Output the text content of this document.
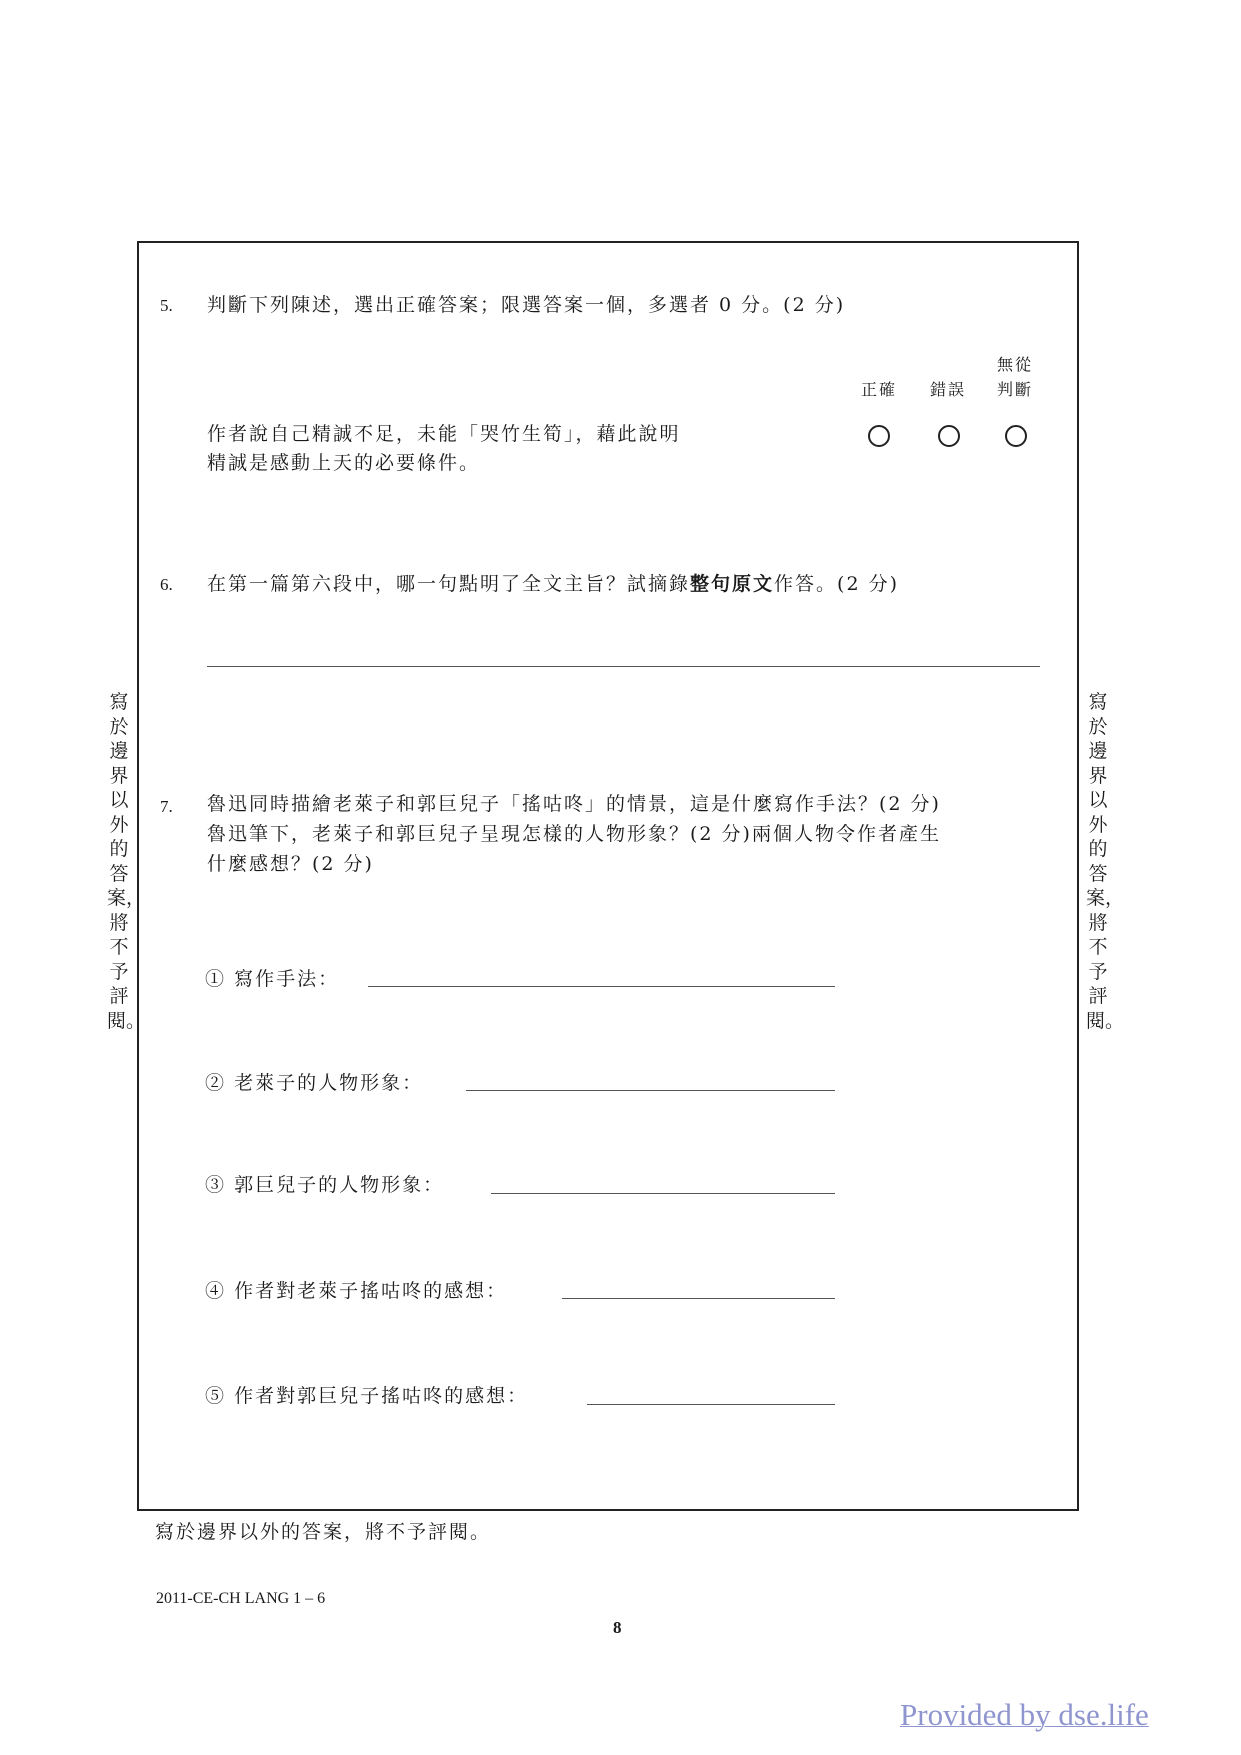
5. 判斷下列陳述，選出正確答案；限選答案一個，多選者 0 分。(2 分)
無從
判斷
正確	錯誤
作者說自己精誠不足，未能「哭竹生筍」，藉此說明
精誠是感動上天的必要條件。
6. 在第一篇第六段中，哪一句點明了全文主旨？試摘錄整句原文作答。(2 分)
7. 魯迅同時描繪老萊子和郭巨兒子「搖咕咚」的情景，這是什麼寫作手法？(2 分)
魯迅筆下，老萊子和郭巨兒子呈現怎樣的人物形象？(2 分)兩個人物令作者產生
什麼感想？(2 分)
① 寫作手法：
② 老萊子的人物形象：
③ 郭巨兒子的人物形象：
④ 作者對老萊子搖咕咚的感想：
⑤ 作者對郭巨兒子搖咕咚的感想：
寫於邊界以外的答案，將不予評閱。
寫於邊界以外的答案，將不予評閱。
寫於邊界以外的答案，將不予評閱。
2011-CE-CH LANG 1 – 6
8
Provided by dse.life
